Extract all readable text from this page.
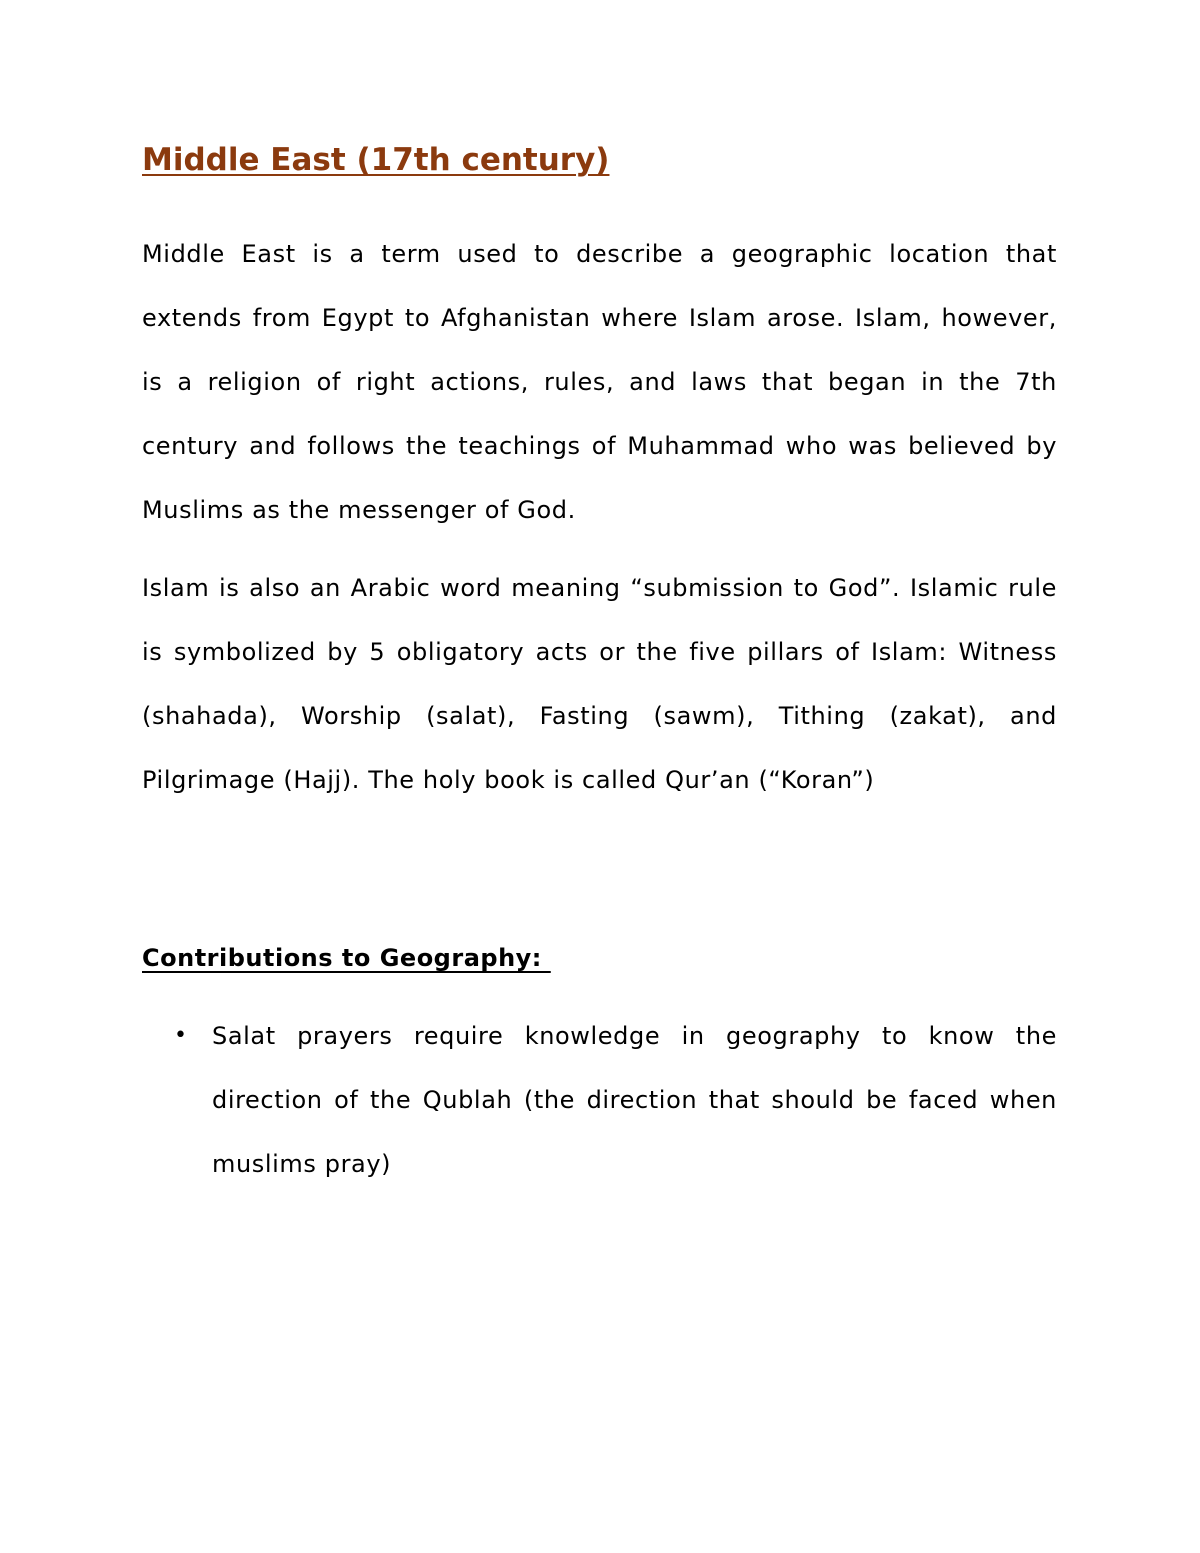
Middle East (17th century)

Middle East is a term used to describe a geographic location that extends from Egypt to Afghanistan where Islam arose. Islam, however, is a religion of right actions, rules, and laws that began in the 7th century and follows the teachings of Muhammad who was believed by Muslims as the messenger of God.

Islam is also an Arabic word meaning “submission to God”. Islamic rule is symbolized by 5 obligatory acts or the five pillars of Islam: Witness (shahada), Worship (salat), Fasting (sawm), Tithing (zakat), and Pilgrimage (Hajj). The holy book is called Qur’an (“Koran”)

Contributions to Geography:
• Salat prayers require knowledge in geography to know the direction of the Qublah (the direction that should be faced when muslims pray)
